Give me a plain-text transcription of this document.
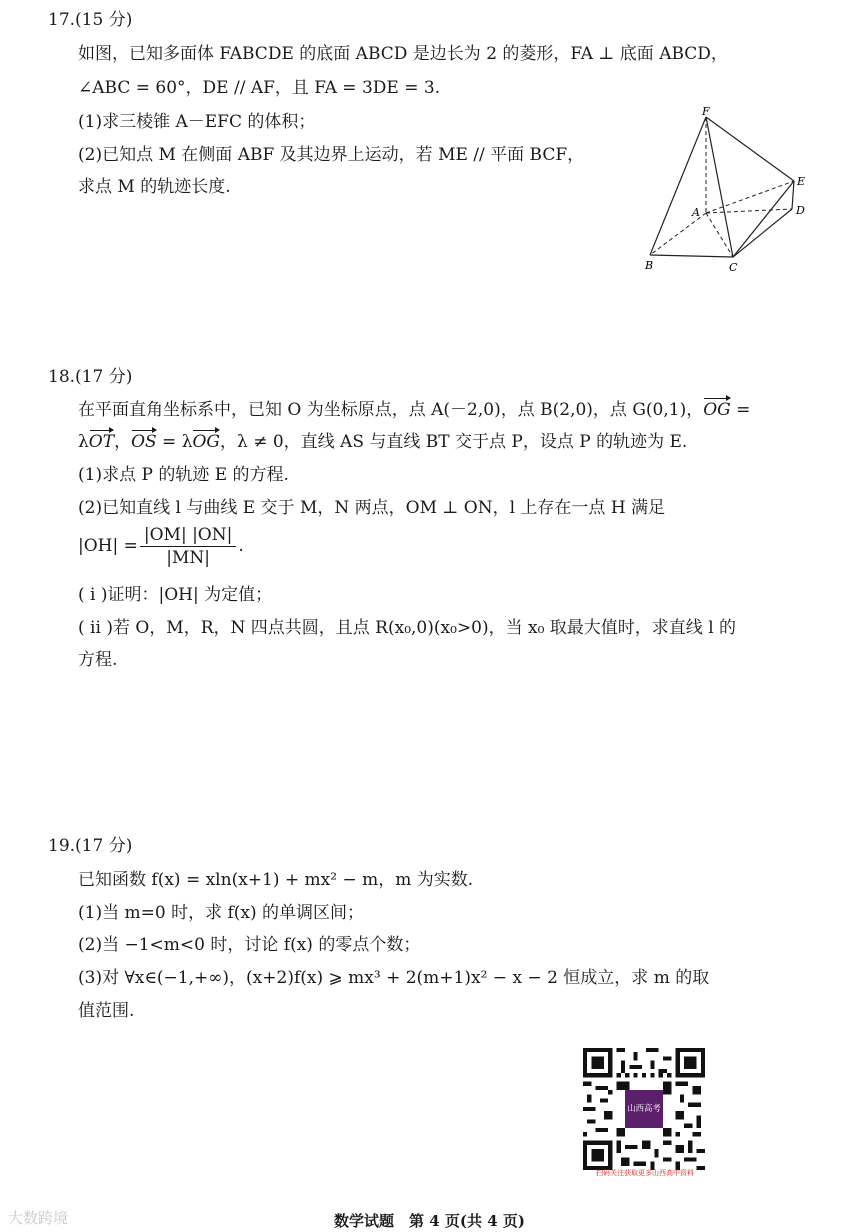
17.(15 分)
如图，已知多面体 FABCDE 的底面 ABCD 是边长为 2 的菱形，FA ⊥ 底面 ABCD，
∠ABC = 60°，DE // AF，且 FA = 3DE = 3.
(1)求三棱锥 A－EFC 的体积；
(2)已知点 M 在侧面 ABF 及其边界上运动，若 ME // 平面 BCF，
求点 M 的轨迹长度.
F
E
A	D
B	C
18.(17 分)
在平面直角坐标系中，已知 O 为坐标原点，点 A(－2,0)，点 B(2,0)，点 G(0,1)，OG =
λOT，OS = λOG，λ ≠ 0，直线 AS 与直线 BT 交于点 P，设点 P 的轨迹为 E.
(1)求点 P 的轨迹 E 的方程.
(2)已知直线 l 与曲线 E 交于 M，N 两点，OM ⊥ ON，l 上存在一点 H 满足
$|OH| = \frac{|OM| |ON|}{|MN|}$ .
( i )证明：|OH| 为定值；
( ii )若 O，M，R，N 四点共圆，且点 R(x₀,0)(x₀>0)，当 x₀ 取最大值时，求直线 l 的
方程.
19.(17 分)
已知函数 f(x) = xln(x+1) + mx² − m，m 为实数.
(1)当 m=0 时，求 f(x) 的单调区间；
(2)当 −1<m<0 时，讨论 f(x) 的零点个数；
(3)对 ∀x∈(−1,+∞)，(x+2)f(x) ⩾ mx³ + 2(m+1)x² − x − 2 恒成立，求 m 的取
值范围.
山西高考
扫码关注获取更多山西高中资料
大数跨境	数学试题　第 4 页(共 4 页)
